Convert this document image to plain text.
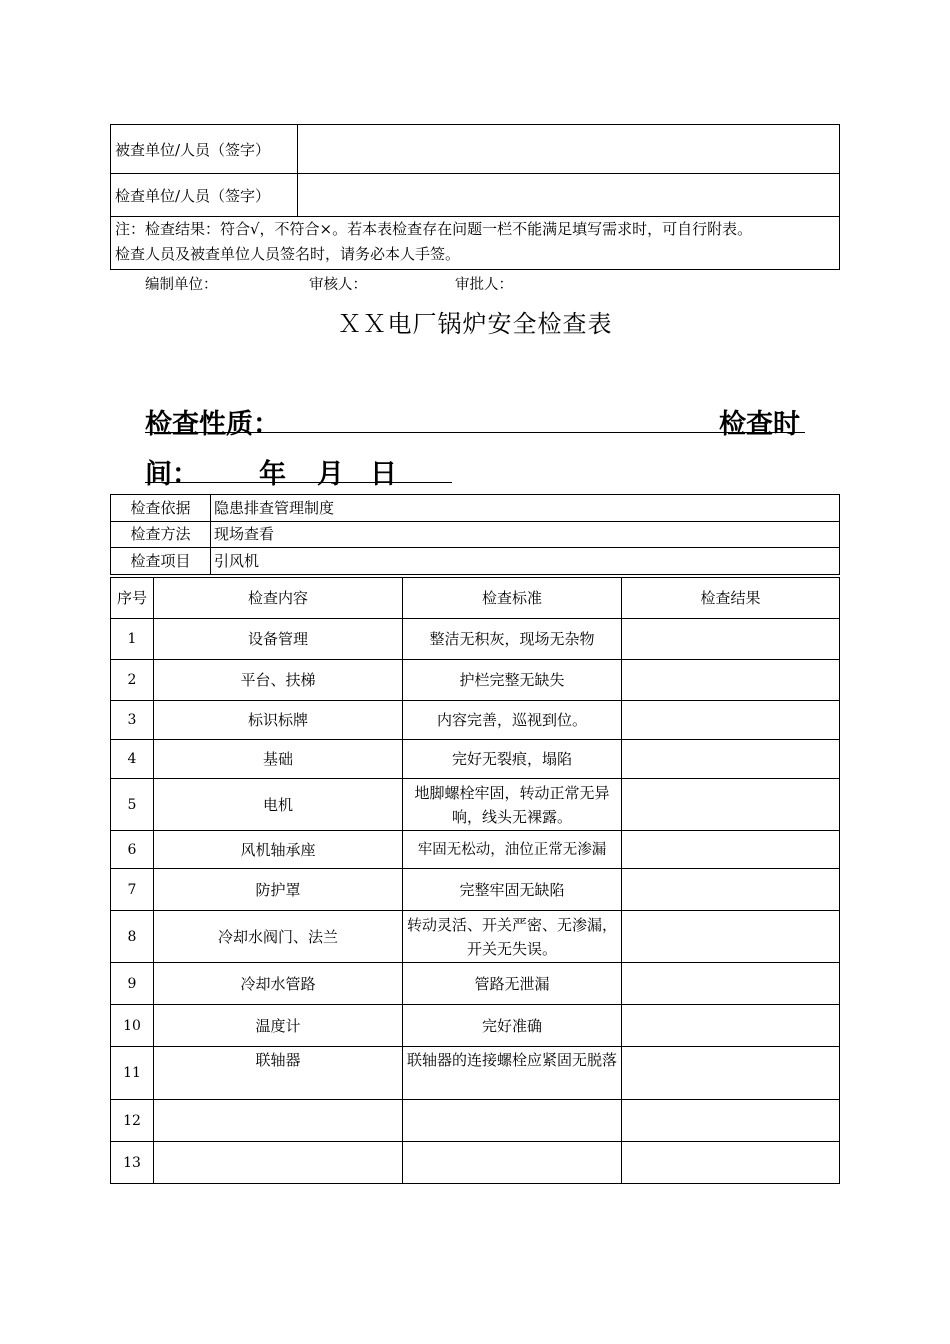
被查单位/人员（签字）	
检查单位/人员（签字）	

注：检查结果：符合√，不符合×。若本表检查存在问题一栏不能满足填写需求时，可自行附表。
检查人员及被查单位人员签名时，请务必本人手签。	
编制单位：	审核人：	审批人：
ＸＸ电厂锅炉安全检查表
检查性质：	检查时
间： 年 月 日
检查依据	隐患排查管理制度
检查方法	现场查看
检查项目	引风机
序号	检查内容	检查标准	检查结果
1	设备管理	整洁无积灰，现场无杂物	
2	平台、扶梯	护栏完整无缺失	
3	标识标牌	内容完善，巡视到位。	
4	基础	完好无裂痕，塌陷	
5	电机	地脚螺栓牢固，转动正常无异响，线头无裸露。	
6	风机轴承座	牢固无松动，油位正常无渗漏	
7	防护罩	完整牢固无缺陷	
8	冷却水阀门、法兰	转动灵活、开关严密、无渗漏，开关无失误。	
9	冷却水管路	管路无泄漏	
10	温度计	完好准确	
11	联轴器	联轴器的连接螺栓应紧固无脱落	
12			
13			
